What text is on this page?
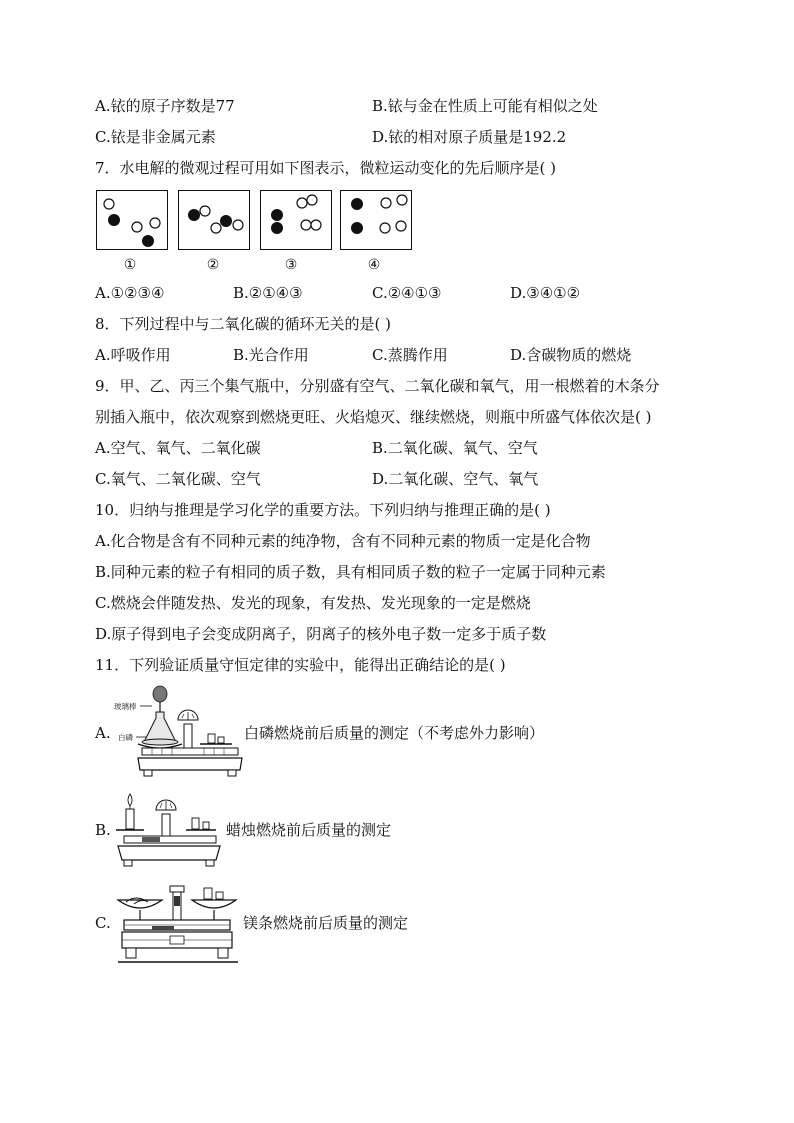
A.铱的原子序数是77	B.铱与金在性质上可能有相似之处
C.铱是非金属元素	D.铱的相对原子质量是192.2
7．水电解的微观过程可用如下图表示，微粒运动变化的先后顺序是( )
①	②	③	④
A.①②③④	B.②①④③	C.②④①③	D.③④①②
8．下列过程中与二氧化碳的循环无关的是( )
A.呼吸作用	B.光合作用	C.蒸腾作用	D.含碳物质的燃烧
9．甲、乙、丙三个集气瓶中，分别盛有空气、二氧化碳和氧气，用一根燃着的木条分
别插入瓶中，依次观察到燃烧更旺、火焰熄灭、继续燃烧，则瓶中所盛气体依次是( )
A.空气、氧气、二氧化碳	B.二氧化碳、氧气、空气
C.氧气、二氧化碳、空气	D.二氧化碳、空气、氧气
10．归纳与推理是学习化学的重要方法。下列归纳与推理正确的是( )
A.化合物是含有不同种元素的纯净物，含有不同种元素的物质一定是化合物
B.同种元素的粒子有相同的质子数，具有相同质子数的粒子一定属于同种元素
C.燃烧会伴随发热、发光的现象，有发热、发光现象的一定是燃烧
D.原子得到电子会变成阴离子，阴离子的核外电子数一定多于质子数
11．下列验证质量守恒定律的实验中，能得出正确结论的是( )
A.
玻璃棒
白磷	白磷燃烧前后质量的测定（不考虑外力影响）
B.	蜡烛燃烧前后质量的测定
C.	镁条燃烧前后质量的测定
